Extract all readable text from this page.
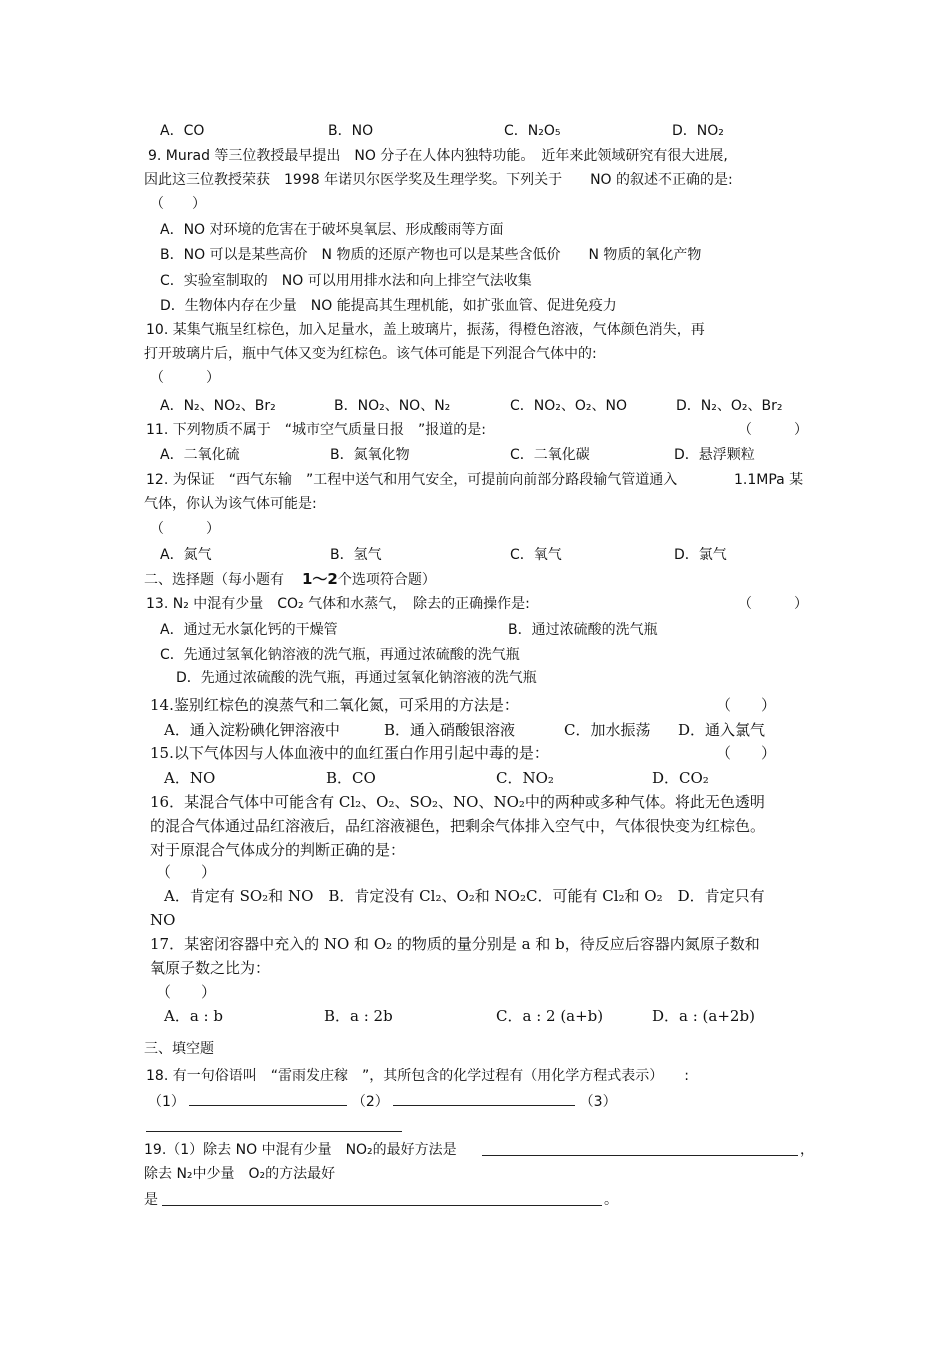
A．CO	B．NO	C．N₂O₅	D．NO₂
9. Murad 等三位教授最早提出　NO 分子在人体内独特功能。　近年来此领域研究有很大进展,
因此这三位教授荣获　1998 年诺贝尔医学奖及生理学奖。下列关于　　NO 的叙述不正确的是:
（　　）
A．NO 对环境的危害在于破坏臭氧层、形成酸雨等方面
B．NO 可以是某些高价　N 物质的还原产物也可以是某些含低价　　N 物质的氧化产物
C．实验室制取的　NO 可以用用排水法和向上排空气法收集
D．生物体内存在少量　NO 能提高其生理机能，如扩张血管、促进免疫力
10. 某集气瓶呈红棕色，加入足量水，盖上玻璃片，振荡，得橙色溶液，气体颜色消失，再
打开玻璃片后，瓶中气体又变为红棕色。该气体可能是下列混合气体中的:
（　　　）
A．N₂、NO₂、Br₂	B．NO₂、NO、N₂	C．NO₂、O₂、NO	D．N₂、O₂、Br₂
11. 下列物质不属于　“城市空气质量日报　”报道的是:	（　　　）
A．二氧化硫	B．氮氧化物	C．二氧化碳	D．悬浮颗粒
12. 为保证　“西气东输　”工程中送气和用气安全，可提前向前部分路段输气管道通入	1.1MPa 某
气体，你认为该气体可能是:
（　　　）
A．氮气	B．氢气	C．氧气	D．氯气
二、选择题（每小题有 1～2个选项符合题）
13. N₂ 中混有少量　CO₂ 气体和水蒸气，　除去的正确操作是:	（　　　）
A．通过无水氯化钙的干燥管	B．通过浓硫酸的洗气瓶
C．先通过氢氧化钠溶液的洗气瓶，再通过浓硫酸的洗气瓶
D．先通过浓硫酸的洗气瓶，再通过氢氧化钠溶液的洗气瓶
14.鉴别红棕色的溴蒸气和二氧化氮，可采用的方法是：	（　　）
A．通入淀粉碘化钾溶液中	B．通入硝酸银溶液	C．加水振荡 D．通入氯气
15.以下气体因与人体血液中的血红蛋白作用引起中毒的是：	（　　）
A．NO	B．CO	C．NO₂	D．CO₂
16．某混合气体中可能含有 Cl₂、O₂、SO₂、NO、NO₂中的两种或多种气体。将此无色透明
的混合气体通过品红溶液后，品红溶液褪色，把剩余气体排入空气中，气体很快变为红棕色。
对于原混合气体成分的判断正确的是：
（　　）
A．肯定有 SO₂和 NO　B．肯定没有 Cl₂、O₂和 NO₂C．可能有 Cl₂和 O₂　D．肯定只有
NO
17．某密闭容器中充入的 NO 和 O₂ 的物质的量分别是 a 和 b，待反应后容器内氮原子数和
氧原子数之比为：
（　　）
A．a : b	B．a : 2b	C．a : 2 (a+b)	D．a : (a+2b)
三、填空题
18. 有一句俗语叫　“雷雨发庄稼　”，其所包含的化学过程有（用化学方程式表示）　　:
（1）	（2）	（3）
19.（1）除去 NO 中混有少量　NO₂的最好方法是	，
除去 N₂中少量　O₂的方法最好
是	。
